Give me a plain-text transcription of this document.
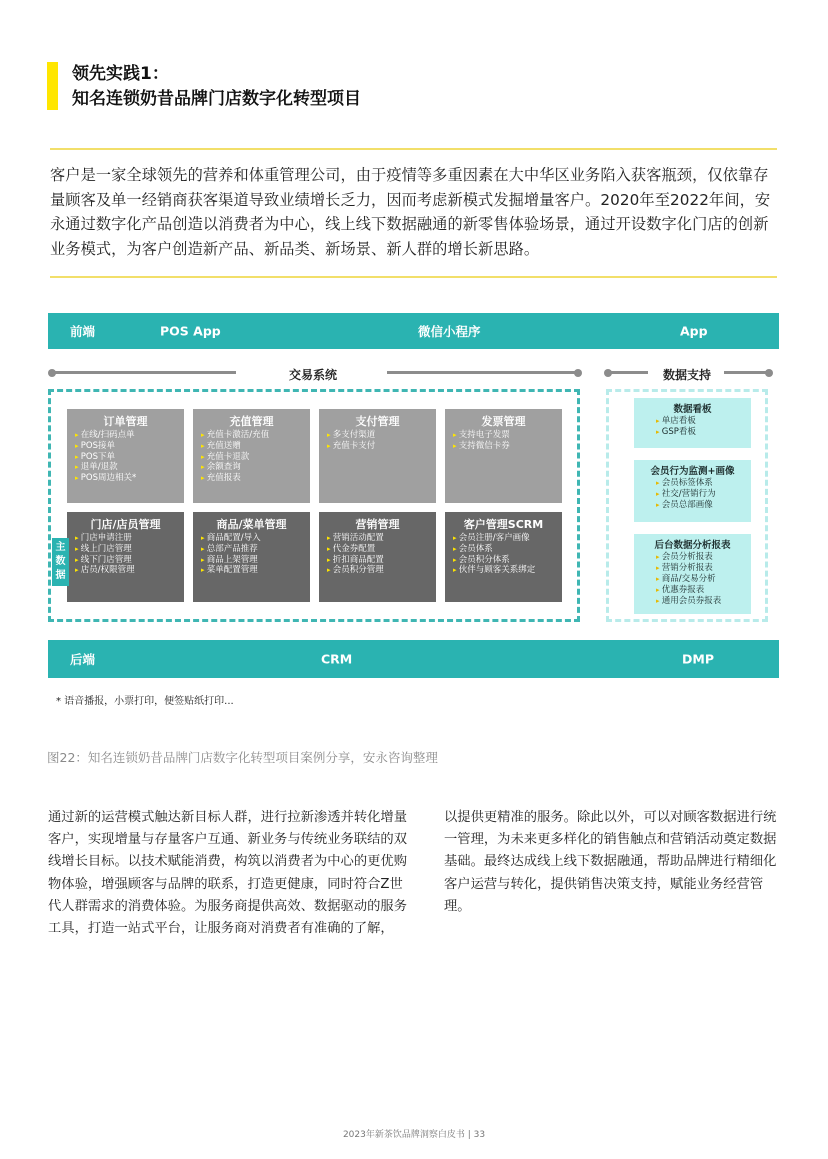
领先实践1：
知名连锁奶昔品牌门店数字化转型项目
客户是一家全球领先的营养和体重管理公司，由于疫情等多重因素在大中华区业务陷入获客瓶颈，仅依靠存量顾客及单一经销商获客渠道导致业绩增长乏力，因而考虑新模式发掘增量客户。2020年至2022年间，安永通过数字化产品创造以消费者为中心，线上线下数据融通的新零售体验场景，通过开设数字化门店的创新业务模式，为客户创造新产品、新品类、新场景、新人群的增长新思路。
前端	POS App	微信小程序	App
交易系统	数据支持
订单管理
▸ 在线/扫码点单
▸ POS接单
▸ POS下单
▸ 退单/退款
▸ POS周边相关*
充值管理
▸ 充值卡激活/充值
▸ 充值送赠
▸ 充值卡退款
▸ 余额查询
▸ 充值报表
支付管理
▸ 多支付渠道
▸ 充值卡支付
发票管理
▸ 支持电子发票
▸ 支持微信卡券
门店/店员管理
▸ 门店申请注册
▸ 线上门店管理
▸ 线下门店管理
▸ 店员/权限管理
商品/菜单管理
▸ 商品配置/导入
▸ 总部产品推荐
▸ 商品上架管理
▸ 菜单配置管理
营销管理
▸ 营销活动配置
▸ 代金券配置
▸ 折扣商品配置
▸ 会员积分管理
客户管理SCRM
▸ 会员注册/客户画像
▸ 会员体系
▸ 会员积分体系
▸ 伙伴与顾客关系绑定
主
数
据
数据看板
▸ 单店看板
▸ GSP看板
会员行为监测+画像
▸ 会员标签体系
▸ 社交/营销行为
▸ 会员总部画像
后台数据分析报表
▸ 会员分析报表
▸ 营销分析报表
▸ 商品/交易分析
▸ 优惠券报表
▸ 通用会员券报表
后端	CRM	DMP
* 语音播报，小票打印，便签贴纸打印...
图22：知名连锁奶昔品牌门店数字化转型项目案例分享，安永咨询整理
通过新的运营模式触达新目标人群，进行拉新渗透并转化增量客户，实现增量与存量客户互通、新业务与传统业务联结的双线增长目标。以技术赋能消费，构筑以消费者为中心的更优购物体验，增强顾客与品牌的联系，打造更健康，同时符合Z世代人群需求的消费体验。为服务商提供高效、数据驱动的服务工具，打造一站式平台，让服务商对消费者有准确的了解，
以提供更精准的服务。除此以外，可以对顾客数据进行统一管理，为未来更多样化的销售触点和营销活动奠定数据基础。最终达成线上线下数据融通，帮助品牌进行精细化客户运营与转化，提供销售决策支持，赋能业务经营管理。
2023年新茶饮品牌洞察白皮书 | 33
